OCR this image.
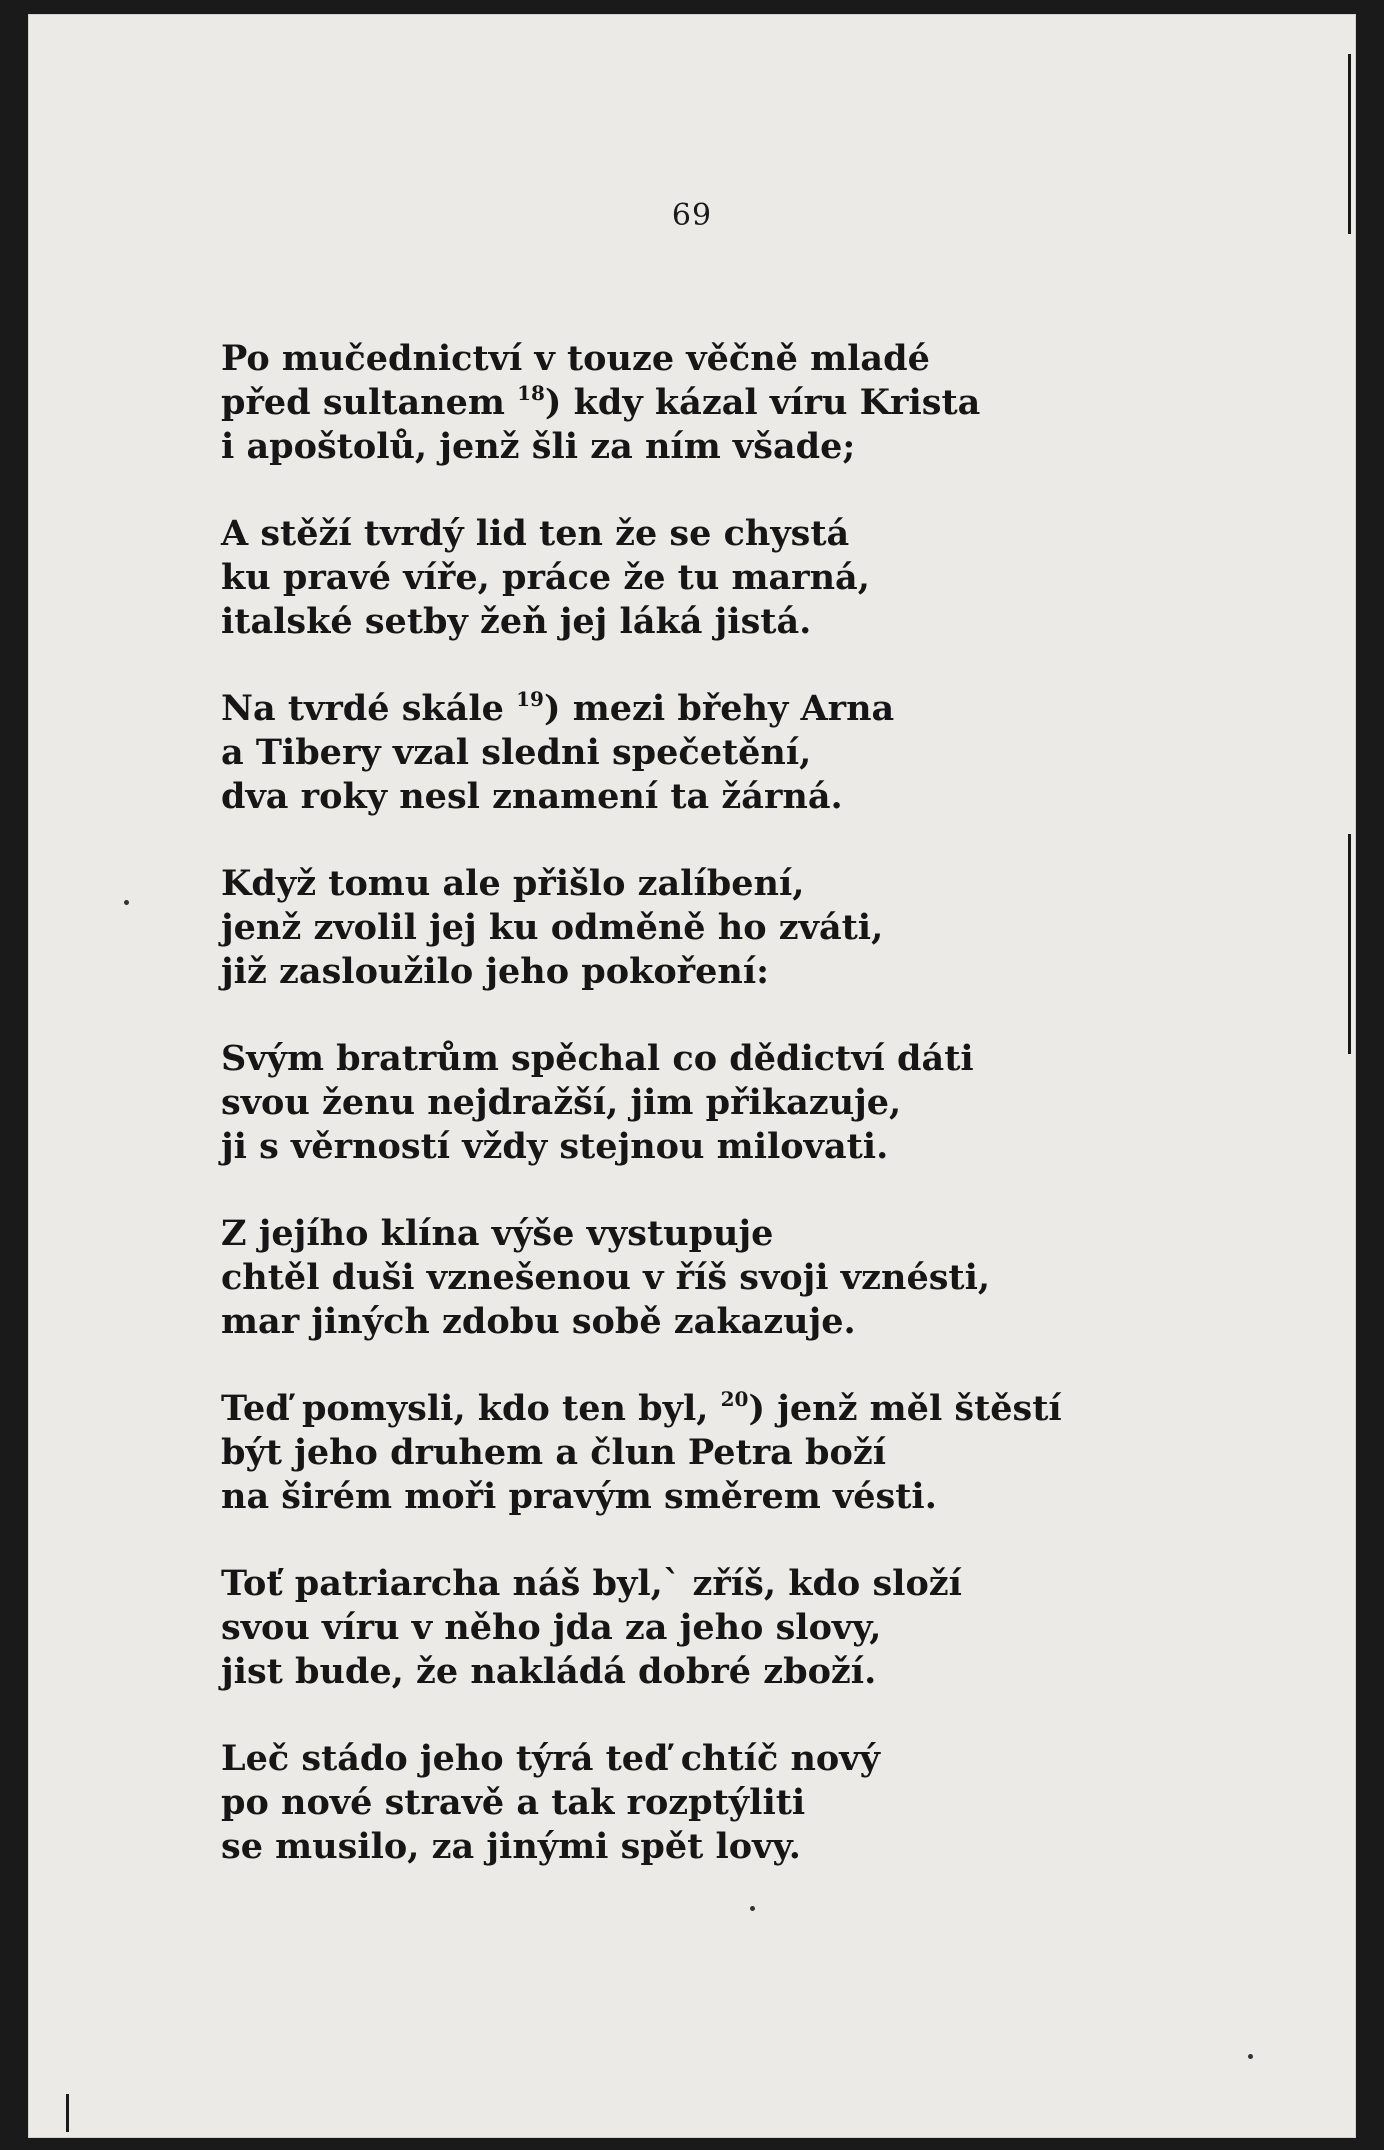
69
Po mučednictví v touze věčně mladé
před sultanem $^{18}$) kdy kázal víru Krista
i apoštolů, jenž šli za ním všade;
A stěží tvrdý lid ten že se chystá
ku pravé víře, práce že tu marná,
italské setby žeň jej láká jistá.
Na tvrdé skále $^{19}$) mezi břehy Arna
a Tibery vzal sledni spečetění,
dva roky nesl znamení ta žárná.
Když tomu ale přišlo zalíbení,
jenž zvolil jej ku odměně ho zváti,
již zasloužilo jeho pokoření:
Svým bratrům spěchal co dědictví dáti
svou ženu nejdražší, jim přikazuje,
ji s věrností vždy stejnou milovati.
Z jejího klína výše vystupuje
chtěl duši vznešenou v říš svoji vznésti,
mar jiných zdobu sobě zakazuje.
Teď pomysli, kdo ten byl, $^{20}$) jenž měl štěstí
být jeho druhem a člun Petra boží
na širém moři pravým směrem vésti.
Toť patriarcha náš byl,` zříš, kdo složí
svou víru v něho jda za jeho slovy,
jist bude, že nakládá dobré zboží.
Leč stádo jeho týrá teď chtíč nový
po nové stravě a tak rozptýliti
se musilo, za jinými spět lovy.
